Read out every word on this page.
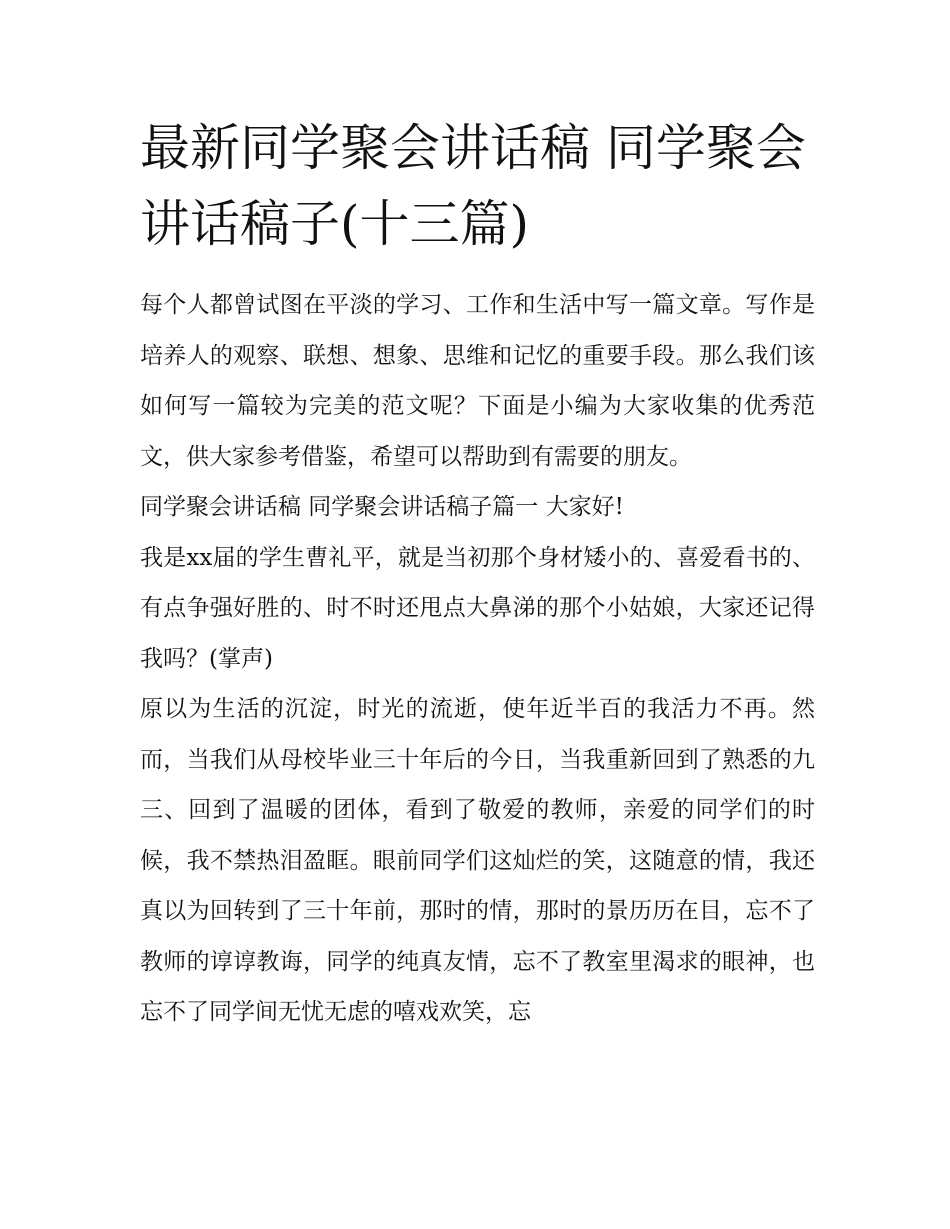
最新同学聚会讲话稿 同学聚会讲话稿子(十三篇)

每个人都曾试图在平淡的学习、工作和生活中写一篇文章。写作是培养人的观察、联想、想象、思维和记忆的重要手段。那么我们该如何写一篇较为完美的范文呢？下面是小编为大家收集的优秀范文，供大家参考借鉴，希望可以帮助到有需要的朋友。

同学聚会讲话稿 同学聚会讲话稿子篇一 大家好!

我是xx届的学生曹礼平，就是当初那个身材矮小的、喜爱看书的、有点争强好胜的、时不时还甩点大鼻涕的那个小姑娘，大家还记得我吗？(掌声)

原以为生活的沉淀，时光的流逝，使年近半百的我活力不再。然而，当我们从母校毕业三十年后的今日，当我重新回到了熟悉的九三、回到了温暖的团体，看到了敬爱的教师，亲爱的同学们的时候，我不禁热泪盈眶。眼前同学们这灿烂的笑，这随意的情，我还真以为回转到了三十年前，那时的情，那时的景历历在目，忘不了教师的谆谆教诲，同学的纯真友情，忘不了教室里渴求的眼神，也忘不了同学间无忧无虑的嘻戏欢笑，忘
